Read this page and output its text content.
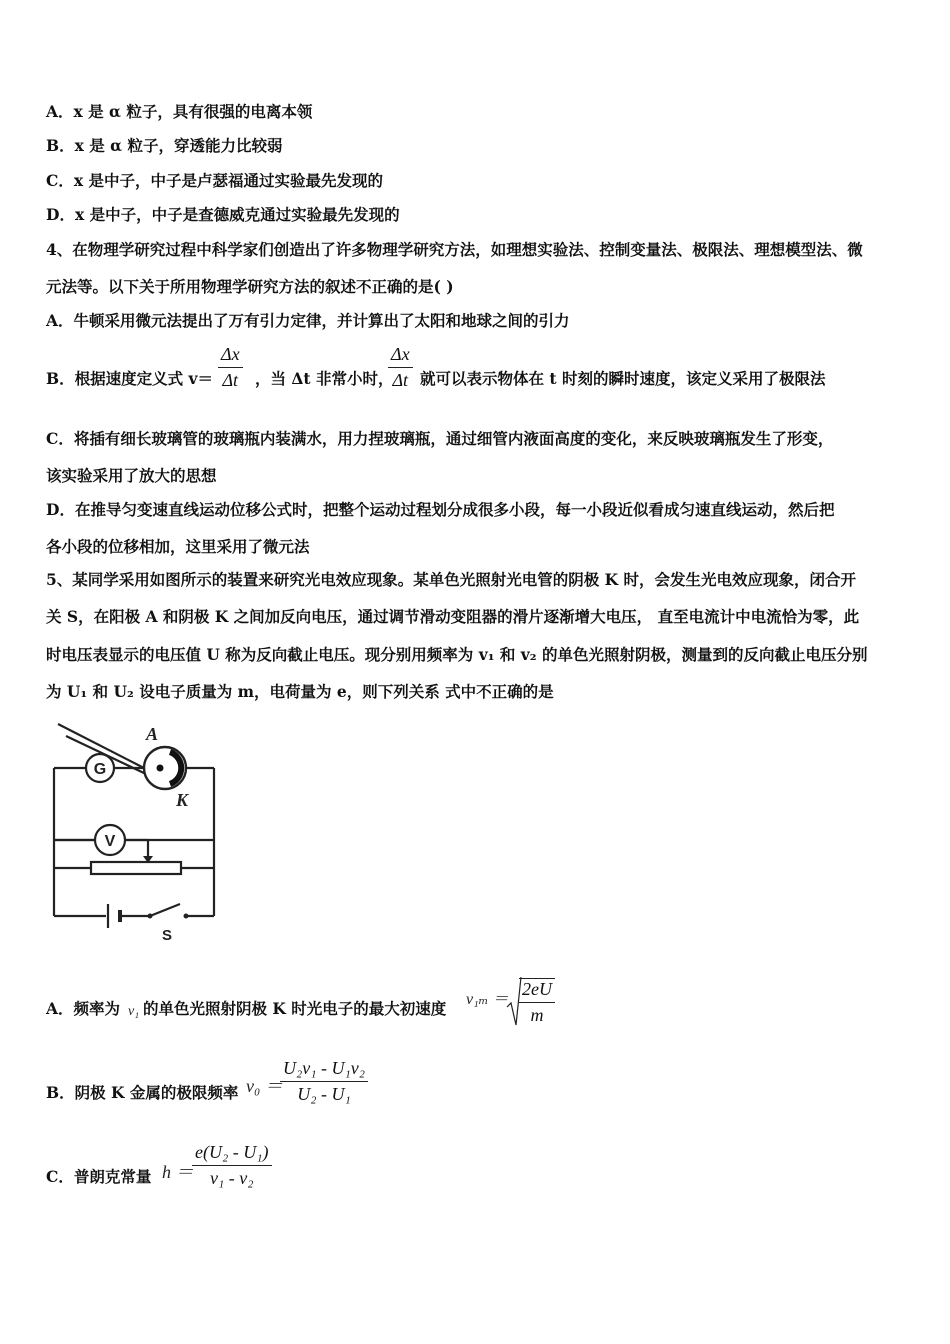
A．x 是 α 粒子，具有很强的电离本领
B．x 是 α 粒子，穿透能力比较弱
C．x 是中子，中子是卢瑟福通过实验最先发现的
D．x 是中子，中子是查德威克通过实验最先发现的
4、在物理学研究过程中科学家们创造出了许多物理学研究方法，如理想实验法、控制变量法、极限法、理想模型法、微
元法等。以下关于所用物理学研究方法的叙述不正确的是( )
A．牛顿采用微元法提出了万有引力定律，并计算出了太阳和地球之间的引力
B．根据速度定义式 v＝
Δx
Δt ，当 Δt 非常小时，
Δx
Δt 就可以表示物体在 t 时刻的瞬时速度，该定义采用了极限法
C．将插有细长玻璃管的玻璃瓶内装满水，用力捏玻璃瓶，通过细管内液面高度的变化，来反映玻璃瓶发生了形变，
该实验采用了放大的思想
D．在推导匀变速直线运动位移公式时，把整个运动过程划分成很多小段，每一小段近似看成匀速直线运动，然后把
各小段的位移相加，这里采用了微元法
5、某同学采用如图所示的装置来研究光电效应现象。某单色光照射光电管的阴极 K 时，会发生光电效应现象，闭合开
关 S，在阳极 A 和阴极 K 之间加反向电压，通过调节滑动变阻器的滑片逐渐增大电压， 直至电流计中电流恰为零，此
时电压表显示的电压值 U 称为反向截止电压。现分别用频率为 v₁ 和 v₂ 的单色光照射阴极，测量到的反向截止电压分别
为 U₁ 和 U₂ 设电子质量为 m，电荷量为 e，则下列关系 式中不正确的是
G
A
K
V
S
A．频率为 v₁ 的单色光照射阴极 K 时光电子的最大初速度 v₁ₘ ＝
2eU
m
B．阴极 K 金属的极限频率 v₀ ＝
U₂v₁ - U₁v₂
U₂ - U₁
C．普朗克常量 h ＝
e(U₂ - U₁)
v₁ - v₂
